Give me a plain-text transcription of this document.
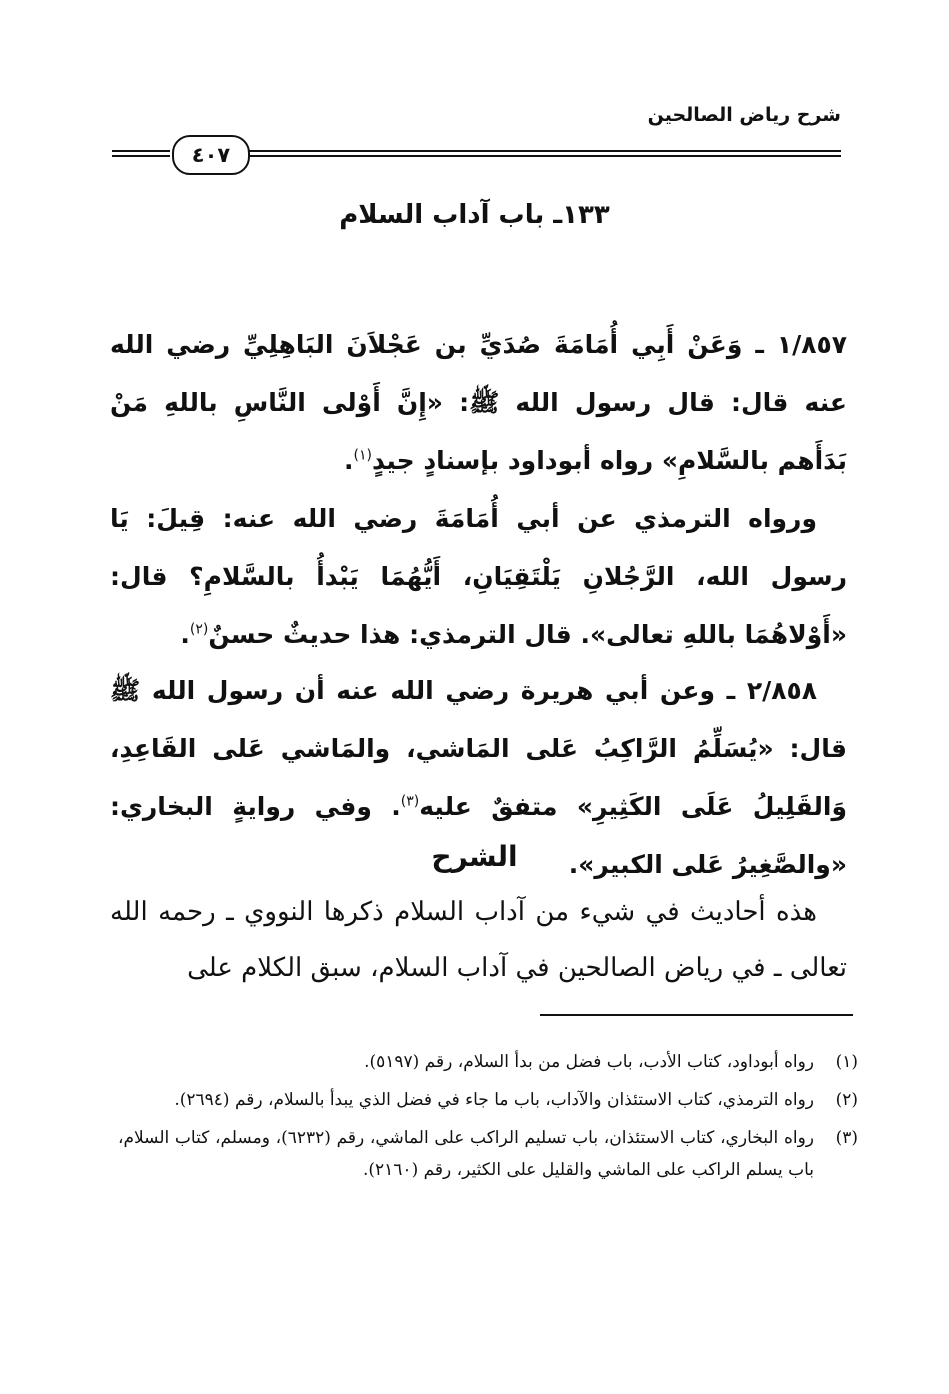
شرح رياض الصالحين
٤٠٧
١٣٣ـ باب آداب السلام
١/٨٥٧ ـ وَعَنْ أَبِي أُمَامَةَ صُدَيِّ بن عَجْلاَنَ البَاهِلِيِّ رضي الله عنه قال: قال رسول الله ﷺ: «إِنَّ أَوْلى النَّاسِ باللهِ مَنْ بَدَأَهم بالسَّلامِ» رواه أبوداود بإسنادٍ جيدٍ$^{(١)}$.
ورواه الترمذي عن أبي أُمَامَةَ رضي الله عنه: قِيلَ: يَا رسول الله، الرَّجُلانِ يَلْتَقِيَانِ، أَيُّهُمَا يَبْدأُ بالسَّلامِ؟ قال: «أَوْلاهُمَا باللهِ تعالى». قال الترمذي: هذا حديثٌ حسنٌ$^{(٢)}$.
٢/٨٥٨ ـ وعن أبي هريرة رضي الله عنه أن رسول الله ﷺ قال: «يُسَلِّمُ الرَّاكِبُ عَلى المَاشي، والمَاشي عَلى القَاعِدِ، وَالقَلِيلُ عَلَى الكَثِيرِ» متفقٌ عليه$^{(٣)}$. وفي روايةٍ البخاري: «والصَّغِيرُ عَلى الكبير».
الشرح
هذه أحاديث في شيء من آداب السلام ذكرها النووي ـ رحمه الله تعالى ـ في رياض الصالحين في آداب السلام، سبق الكلام على
(١)
رواه أبوداود، كتاب الأدب، باب فضل من بدأ السلام، رقم (٥١٩٧).
(٢)
رواه الترمذي، كتاب الاستئذان والآداب، باب ما جاء في فضل الذي يبدأ بالسلام، رقم (٢٦٩٤).
(٣)
رواه البخاري، كتاب الاستئذان، باب تسليم الراكب على الماشي، رقم (٦٢٣٢)، ومسلم، كتاب السلام، باب يسلم الراكب على الماشي والقليل على الكثير، رقم (٢١٦٠).
